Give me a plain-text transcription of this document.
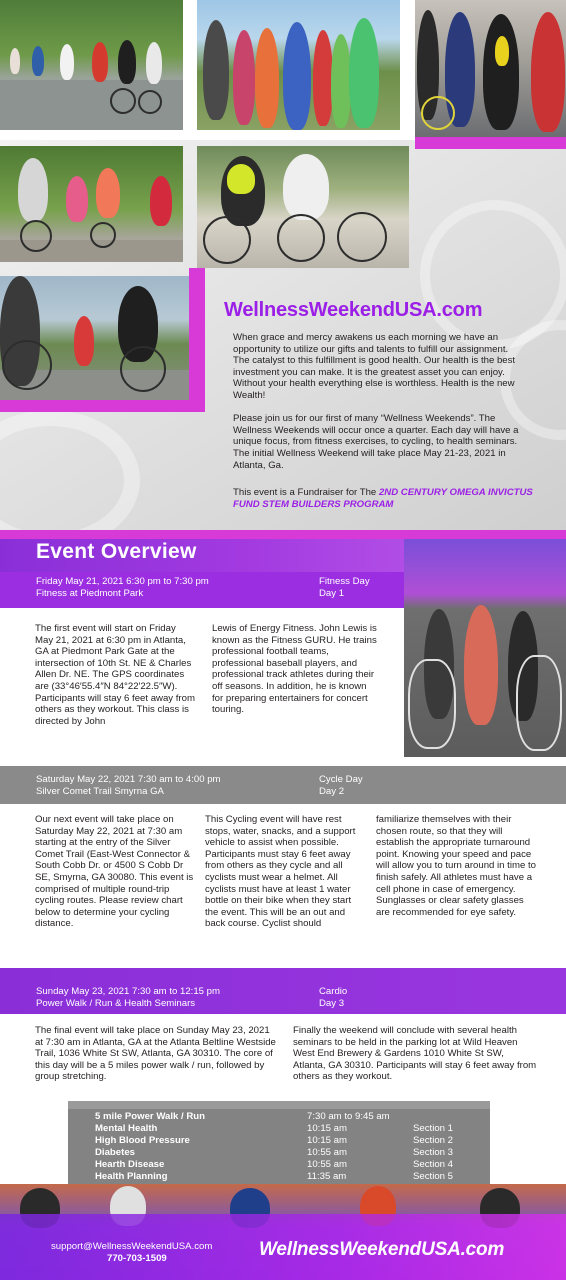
WellnessWeekendUSA.com

When grace and mercy awakens us each morning we have an opportunity to utilize our gifts and talents to fulfill our assignment. The catalyst to this fulfillment is good health. Our health is the best investment you can make. It is the greatest asset you can enjoy. Without your health everything else is worthless. Health is the new Wealth!

Please join us for our first of many “Wellness Weekends”. The Wellness Weekends will occur once a quarter. Each day will have a unique focus, from fitness exercises, to cycling, to health seminars. The initial Wellness Weekend will take place May 21-23, 2021 in Atlanta, Ga.

This event is a Fundraiser for The 2ND CENTURY OMEGA INVICTUS FUND STEM BUILDERS PROGRAM
Event Overview
Friday May 21, 2021 6:30 pm to 7:30 pm
Fitness at Piedmont Park
Fitness Day
Day 1
The first event will start on Friday May 21, 2021 at 6:30 pm in Atlanta, GA at Piedmont Park Gate at the intersection of 10th St. NE & Charles Allen Dr. NE. The GPS coordinates are (33°46′55.4″N 84°22′22.5″W). Participants will stay 6 feet away from others as they workout. This class is directed by John
Lewis of Energy Fitness. John Lewis is known as the Fitness GURU. He trains professional football teams, professional baseball players, and professional track athletes during their off seasons. In addition, he is known for preparing entertainers for concert touring.
Saturday May 22, 2021 7:30 am to 4:00 pm
Silver Comet Trail Smyrna GA
Cycle Day
Day 2
Our next event will take place on Saturday May 22, 2021 at 7:30 am starting at the entry of the Silver Comet Trail (East-West Connector & South Cobb Dr. or 4500 S Cobb Dr SE, Smyrna, GA 30080. This event is comprised of multiple round-trip cycling routes. Please review chart below to determine your cycling distance.
This Cycling event will have rest stops, water, snacks, and a support vehicle to assist when possible. Participants must stay 6 feet away from others as they cycle and all cyclists must wear a helmet. All cyclists must have at least 1 water bottle on their bike when they start the event. This will be an out and back course. Cyclist should
familiarize themselves with their chosen route, so that they will establish the appropriate turnaround point. Knowing your speed and pace will allow you to turn around in time to finish safely. All athletes must have a cell phone in case of emergency. Sunglasses or clear safety glasses are recommended for eye safety.
Sunday May 23, 2021 7:30 am to 12:15 pm
Power Walk / Run & Health Seminars
Cardio
Day 3
The final event will take place on Sunday May 23, 2021 at 7:30 am in Atlanta, GA at the Atlanta Beltline Westside Trail, 1036 White St SW, Atlanta, GA 30310. The core of this day will be a 5 miles power walk / run, followed by group stretching.
Finally the weekend will conclude with several health seminars to be held in the parking lot at Wild Heaven West End Brewery & Gardens 1010 White St SW, Atlanta, GA 30310. Participants will stay 6 feet away from others as they workout.
5 mile Power Walk / Run	7:30 am to 9:45 am
Mental Health	10:15 am	Section 1
High Blood Pressure	10:15 am	Section 2
Diabetes	10:55 am	Section 3
Hearth Disease	10:55 am	Section 4
Health Planning	11:35 am	Section 5
support@WellnessWeekendUSA.com
770-703-1509	WellnessWeekendUSA.com
